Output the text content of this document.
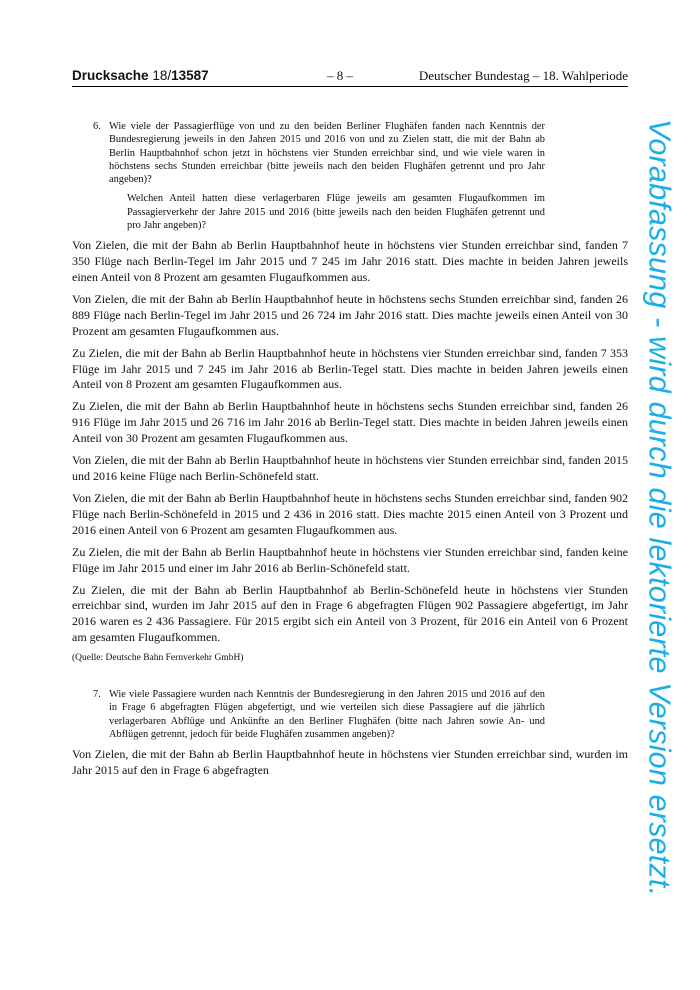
Drucksache 18/13587	– 8 –	Deutscher Bundestag – 18. Wahlperiode

6. Wie viele der Passagierflüge von und zu den beiden Berliner Flughäfen fanden nach Kenntnis der Bundesregierung jeweils in den Jahren 2015 und 2016 von und zu Zielen statt, die mit der Bahn ab Berlin Hauptbahnhof schon jetzt in höchstens vier Stunden erreichbar sind, und wie viele waren in höchstens sechs Stunden erreichbar (bitte jeweils nach den beiden Flughäfen getrennt und pro Jahr angeben)?

Welchen Anteil hatten diese verlagerbaren Flüge jeweils am gesamten Flugaufkommen im Passagierverkehr der Jahre 2015 und 2016 (bitte jeweils nach den beiden Flughäfen getrennt und pro Jahr angeben)?

Von Zielen, die mit der Bahn ab Berlin Hauptbahnhof heute in höchstens vier Stunden erreichbar sind, fanden 7 350 Flüge nach Berlin-Tegel im Jahr 2015 und 7 245 im Jahr 2016 statt. Dies machte in beiden Jahren jeweils einen Anteil von 8 Prozent am gesamten Flugaufkommen aus.

Von Zielen, die mit der Bahn ab Berlin Hauptbahnhof heute in höchstens sechs Stunden erreichbar sind, fanden 26 889 Flüge nach Berlin-Tegel im Jahr 2015 und 26 724 im Jahr 2016 statt. Dies machte jeweils einen Anteil von 30 Prozent am gesamten Flugaufkommen aus.

Zu Zielen, die mit der Bahn ab Berlin Hauptbahnhof heute in höchstens vier Stunden erreichbar sind, fanden 7 353 Flüge im Jahr 2015 und 7 245 im Jahr 2016 ab Berlin-Tegel statt. Dies machte in beiden Jahren jeweils einen Anteil von 8 Prozent am gesamten Flugaufkommen aus.

Zu Zielen, die mit der Bahn ab Berlin Hauptbahnhof heute in höchstens sechs Stunden erreichbar sind, fanden 26 916 Flüge im Jahr 2015 und 26 716 im Jahr 2016 ab Berlin-Tegel statt. Dies machte in beiden Jahren jeweils einen Anteil von 30 Prozent am gesamten Flugaufkommen aus.

Von Zielen, die mit der Bahn ab Berlin Hauptbahnhof heute in höchstens vier Stunden erreichbar sind, fanden 2015 und 2016 keine Flüge nach Berlin-Schönefeld statt.

Von Zielen, die mit der Bahn ab Berlin Hauptbahnhof heute in höchstens sechs Stunden erreichbar sind, fanden 902 Flüge nach Berlin-Schönefeld in 2015 und 2 436 in 2016 statt. Dies machte 2015 einen Anteil von 3 Prozent und 2016 einen Anteil von 6 Prozent am gesamten Flugaufkommen aus.

Zu Zielen, die mit der Bahn ab Berlin Hauptbahnhof heute in höchstens vier Stunden erreichbar sind, fanden keine Flüge im Jahr 2015 und einer im Jahr 2016 ab Berlin-Schönefeld statt.

Zu Zielen, die mit der Bahn ab Berlin Hauptbahnhof ab Berlin-Schönefeld heute in höchstens vier Stunden erreichbar sind, wurden im Jahr 2015 auf den in Frage 6 abgefragten Flügen 902 Passagiere abgefertigt, im Jahr 2016 waren es 2 436 Passagiere. Für 2015 ergibt sich ein Anteil von 3 Prozent, für 2016 ein Anteil von 6 Prozent am gesamten Flugaufkommen.

(Quelle: Deutsche Bahn Fernverkehr GmbH)

7. Wie viele Passagiere wurden nach Kenntnis der Bundesregierung in den Jahren 2015 und 2016 auf den in Frage 6 abgefragten Flügen abgefertigt, und wie verteilen sich diese Passagiere auf die jährlich verlagerbaren Abflüge und Ankünfte an den Berliner Flughäfen (bitte nach Jahren sowie An- und Abflügen getrennt, jedoch für beide Flughäfen zusammen angeben)?

Von Zielen, die mit der Bahn ab Berlin Hauptbahnhof heute in höchstens vier Stunden erreichbar sind, wurden im Jahr 2015 auf den in Frage 6 abgefragten	Vorabfassung - wird durch die lektorierte Version ersetzt.
